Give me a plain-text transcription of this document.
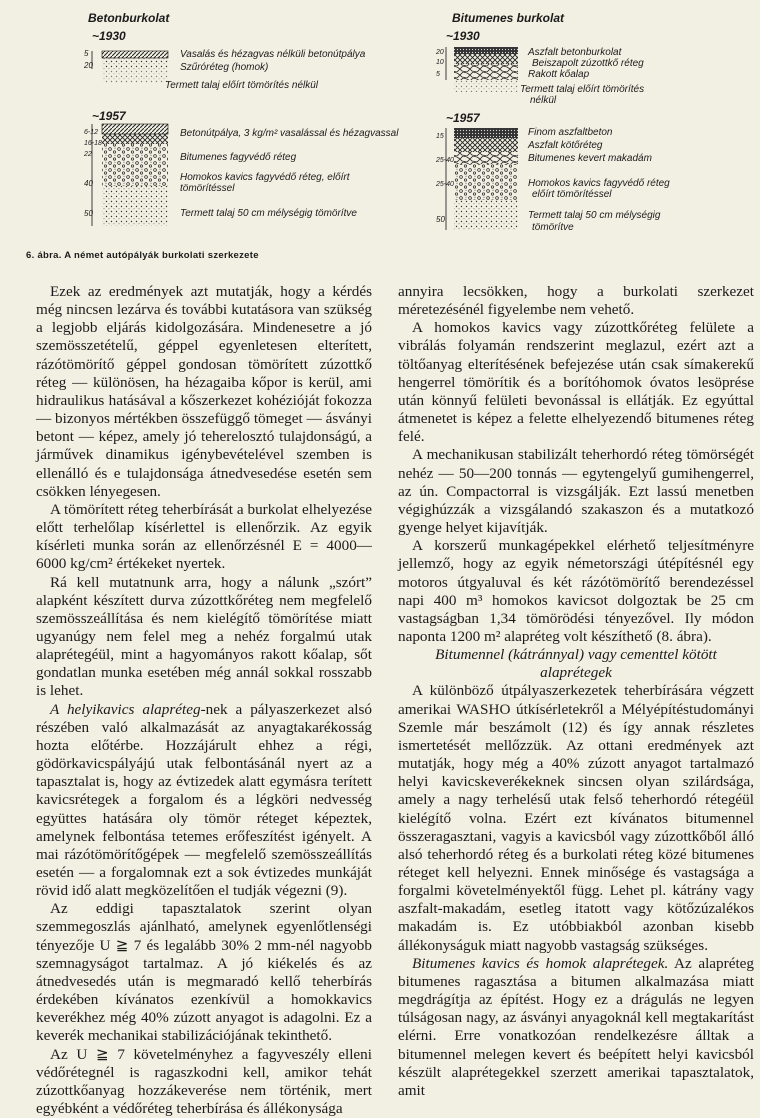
Betonburkolat
~1930
5
20
Vasalás és hézagvas nélküli betonútpálya
Szűróréteg (homok)
Termett talaj előírt tömörítés nélkül
~1957
6-12
16-18
22
40
50
Betonútpálya, 3 kg/m² vasalással és hézagvassal
Bitumenes fagyvédő réteg
Homokos kavics fagyvédő réteg, előírt
tömörítéssel
Termett talaj 50 cm mélységig tömörítve
Bitumenes burkolat
~1930
20
10
5
Aszfalt betonburkolat
Beiszapolt zúzottkő réteg
Rakott kőalap
Termett talaj előírt tömörítés
nélkül
~1957
15
25-40
25-40
50
Finom aszfaltbeton
Aszfalt kötőréteg
Bitumenes kevert makadám
Homokos kavics fagyvédő réteg
előírt tömörítéssel
Termett talaj 50 cm mélységig
tömörítve
6. ábra. A német autópályák burkolati szerkezete

Ezek az eredmények azt mutatják, hogy a kérdés még nincsen lezárva és további kutatásora van szükség a legjobb eljárás kidolgozására. Mindenesetre a jó szemösszetételű, géppel egyenletesen elterített, rázótömörítő géppel gondosan tömörített zúzottkő réteg — különösen, ha hézagaiba kőpor is kerül, ami hidraulikus hatásával a kőszerkezet kohézióját fokozza — bizonyos mértékben összefüggő tömeget — ásványi betont — képez, amely jó teherelosztó tulajdonságú, a járművek dinamikus igénybevételével szemben is ellenálló és e tulajdonsága átnedvesedése esetén sem csökken lényegesen.

A tömörített réteg teherbírását a burkolat elhelyezése előtt terhelőlap kísérlettel is ellenőrzik. Az egyik kísérleti munka során az ellenőrzésnél E = 4000—6000 kg/cm² értékeket nyertek.

Rá kell mutatnunk arra, hogy a nálunk „szórt” alapként készített durva zúzottkőréteg nem megfelelő szemösszeállítása és nem kielégítő tömörítése miatt ugyanúgy nem felel meg a nehéz forgalmú utak alaprétegéül, mint a hagyományos rakott kőalap, sőt gondatlan munka esetében még annál sokkal rosszabb is lehet.

A helyikavics alapréteg-nek a pályaszerkezet alsó részében való alkalmazását az anyagtakarékosság hozta előtérbe. Hozzájárult ehhez a régi, gödörkavicspályájú utak felbontásánál nyert az a tapasztalat is, hogy az évtizedek alatt egymásra terített kavicsrétegek a forgalom és a légköri nedvesség együttes hatására oly tömör réteget képeztek, amelynek felbontása tetemes erőfeszítést igényelt. A mai rázótömörítőgépek — megfelelő szemösszeállítás esetén — a forgalomnak ezt a sok évtizedes munkáját rövid idő alatt megközelítően el tudják végezni (9).

Az eddigi tapasztalatok szerint olyan szemmegoszlás ajánlható, amelynek egyenlőtlenségi tényezője U ≧ 7 és legalább 30% 2 mm-nél nagyobb szemnagyságot tartalmaz. A jó kiékelés és az átnedvesedés után is megmaradó kellő teherbírás érdekében kívánatos ezenkívül a homokkavics keverékhez még 40% zúzott anyagot is adagolni. Ez a keverék mechanikai stabilizációjának tekinthető.

Az U ≧ 7 követelményhez a fagyveszély elleni védőrétegnél is ragaszkodni kell, amikor tehát zúzottkőanyag hozzákeverése nem történik, mert egyébként a védőréteg teherbírása és állékonysága

annyira lecsökken, hogy a burkolati szerkezet méretezésénél figyelembe nem vehető.

A homokos kavics vagy zúzottkőréteg felülete a vibrálás folyamán rendszerint meglazul, ezért azt a töltőanyag elterítésének befejezése után csak símakerekű hengerrel tömörítik és a borítóhomok óvatos lesöprése után könnyű felületi bevonással is ellátják. Ez egyúttal átmenetet is képez a felette elhelyezendő bitumenes réteg felé.

A mechanikusan stabilizált teherhordó réteg tömörségét nehéz — 50—200 tonnás — egytengelyű gumihengerrel, az ún. Compactorral is vizsgálják. Ezt lassú menetben végighúzzák a vizsgálandó szakaszon és a mutatkozó gyenge helyet kijavítják.

A korszerű munkagépekkel elérhető teljesítményre jellemző, hogy az egyik németországi útépítésnél egy motoros útgyaluval és két rázótömörítő berendezéssel napi 400 m³ homokos kavicsot dolgoztak be 25 cm vastagságban 1,34 tömörödési tényezővel. Ily módon naponta 1200 m² alapréteg volt készíthető (8. ábra).

Bitumennel (kátránnyal) vagy cementtel kötött alaprétegek

A különböző útpályaszerkezetek teherbírására végzett amerikai WASHO útkísérletekről a Mélyépítéstudományi Szemle már beszámolt (12) és így annak részletes ismertetését mellőzzük. Az ottani eredmények azt mutatják, hogy még a 40% zúzott anyagot tartalmazó helyi kavicskeverékeknek sincsen olyan szilárdsága, amely a nagy terhelésű utak felső teherhordó rétegéül kielégítő volna. Ezért ezt kívánatos bitumennel összeragasztani, vagyis a kavicsból vagy zúzottkőből álló alsó teherhordó réteg és a burkolati réteg közé bitumenes réteget kell helyezni. Ennek minősége és vastagsága a forgalmi követelményektől függ. Lehet pl. kátrány vagy aszfalt-makadám, esetleg itatott vagy kötőzúzalékos makadám is. Ez utóbbiakból azonban kisebb állékonyságuk miatt nagyobb vastagság szükséges.

Bitumenes kavics és homok alaprétegek. Az alapréteg bitumenes ragasztása a bitumen alkalmazása miatt megdrágítja az építést. Hogy ez a drágulás ne legyen túlságosan nagy, az ásványi anyagoknál kell megtakarítást elérni. Erre vonatkozóan rendelkezésre álltak a bitumennel melegen kevert és beépített helyi kavicsból készült alaprétegekkel szerzett amerikai tapasztalatok, amit
